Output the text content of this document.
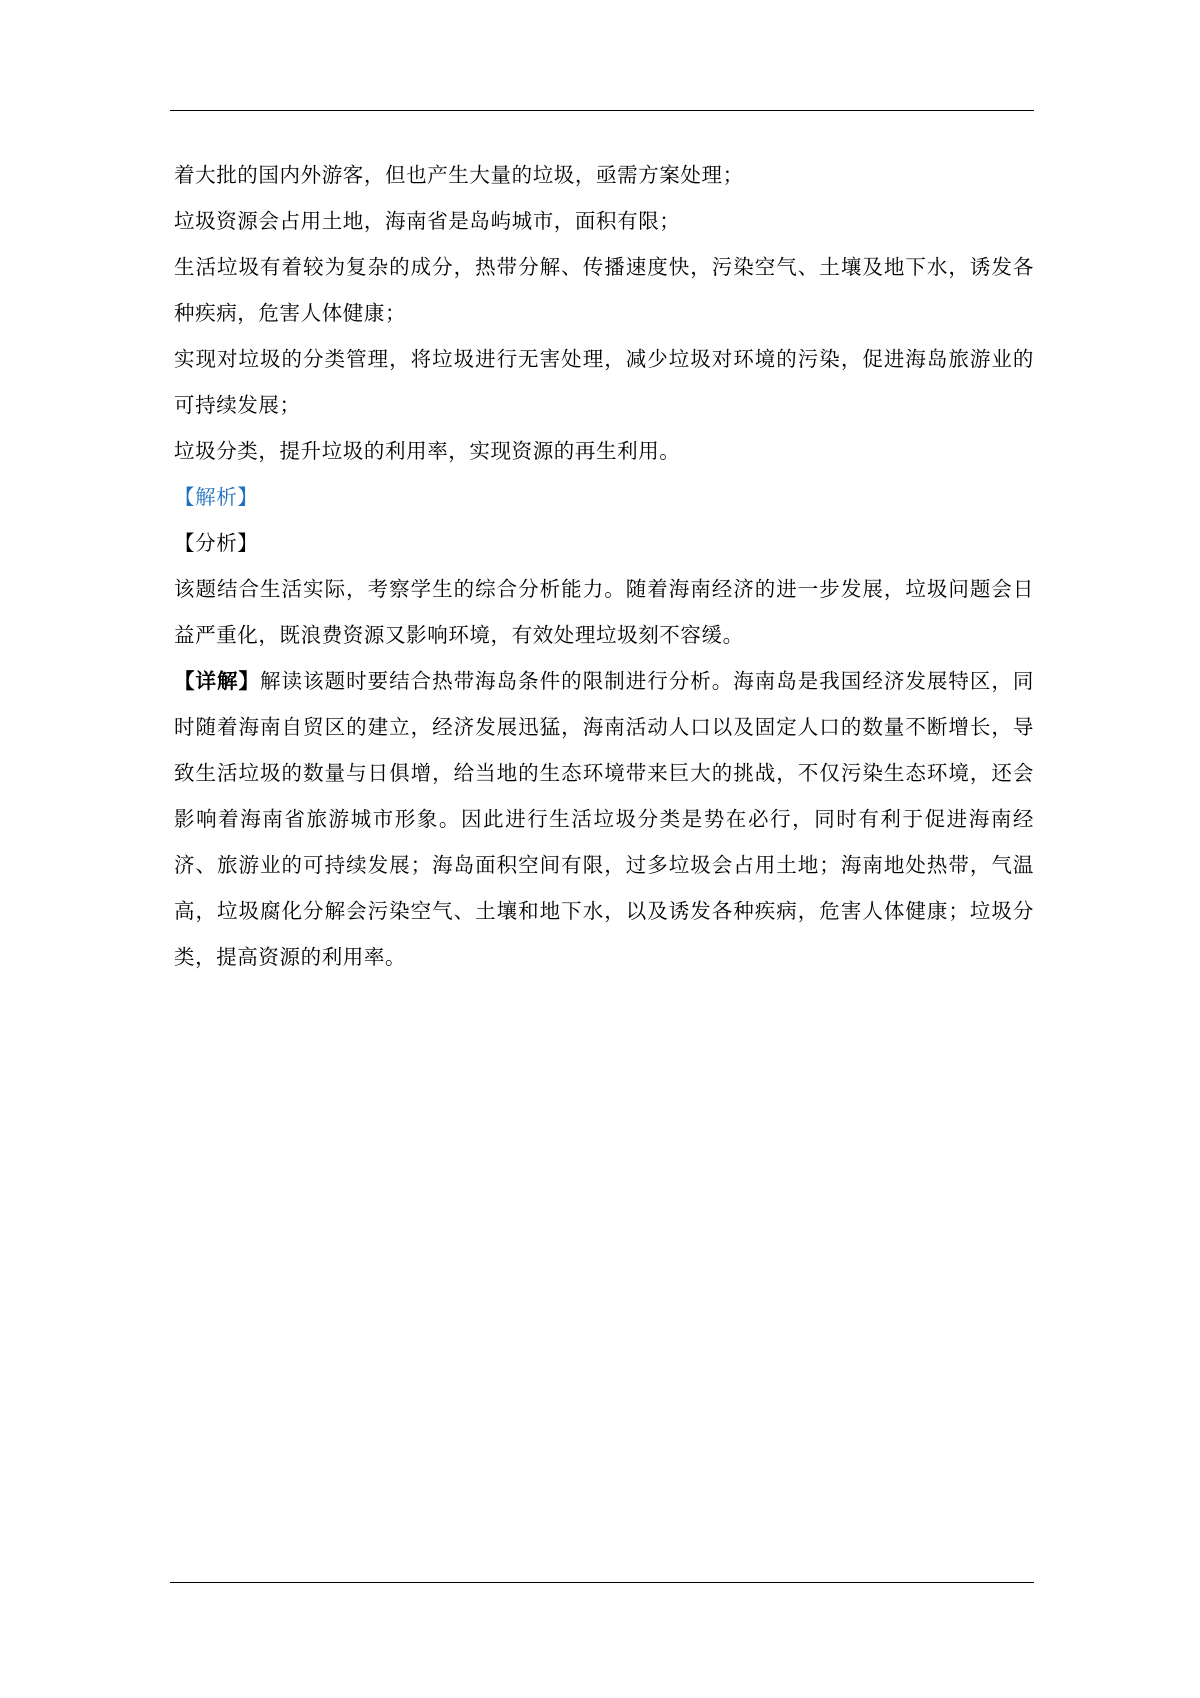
着大批的国内外游客，但也产生大量的垃圾，亟需方案处理；

垃圾资源会占用土地，海南省是岛屿城市，面积有限；

生活垃圾有着较为复杂的成分，热带分解、传播速度快，污染空气、土壤及地下水，诱发各种疾病，危害人体健康；

实现对垃圾的分类管理，将垃圾进行无害处理，减少垃圾对环境的污染，促进海岛旅游业的可持续发展；

垃圾分类，提升垃圾的利用率，实现资源的再生利用。

【解析】

【分析】

该题结合生活实际，考察学生的综合分析能力。随着海南经济的进一步发展，垃圾问题会日益严重化，既浪费资源又影响环境，有效处理垃圾刻不容缓。

【详解】解读该题时要结合热带海岛条件的限制进行分析。海南岛是我国经济发展特区，同时随着海南自贸区的建立，经济发展迅猛，海南活动人口以及固定人口的数量不断增长，导致生活垃圾的数量与日俱增，给当地的生态环境带来巨大的挑战，不仅污染生态环境，还会影响着海南省旅游城市形象。因此进行生活垃圾分类是势在必行，同时有利于促进海南经济、旅游业的可持续发展；海岛面积空间有限，过多垃圾会占用土地；海南地处热带，气温高，垃圾腐化分解会污染空气、土壤和地下水，以及诱发各种疾病，危害人体健康；垃圾分类，提高资源的利用率。
